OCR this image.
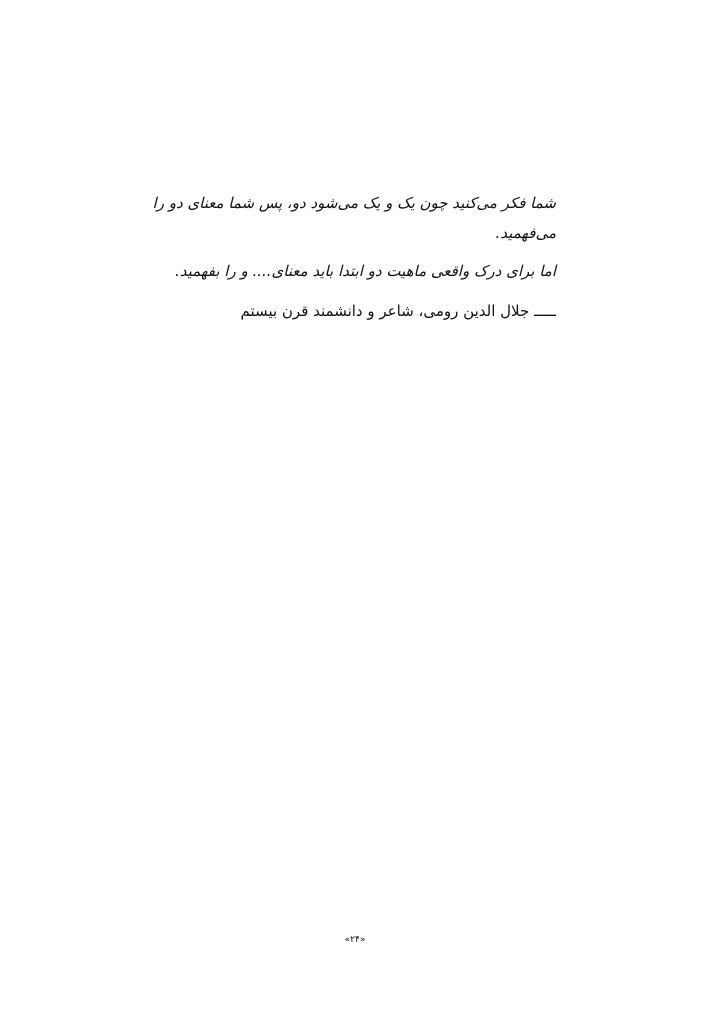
شما فکر می‌کنید چون یک و یک می‌شود دو، پس شما معنای دو را

می‌فهمید.

اما برای درک واقعی ماهیت دو ابتدا باید معنای.... و را بفهمید.

ـــــ جلال الدین رومی، شاعر و دانشمند قرن بیستم

«۲۴»
